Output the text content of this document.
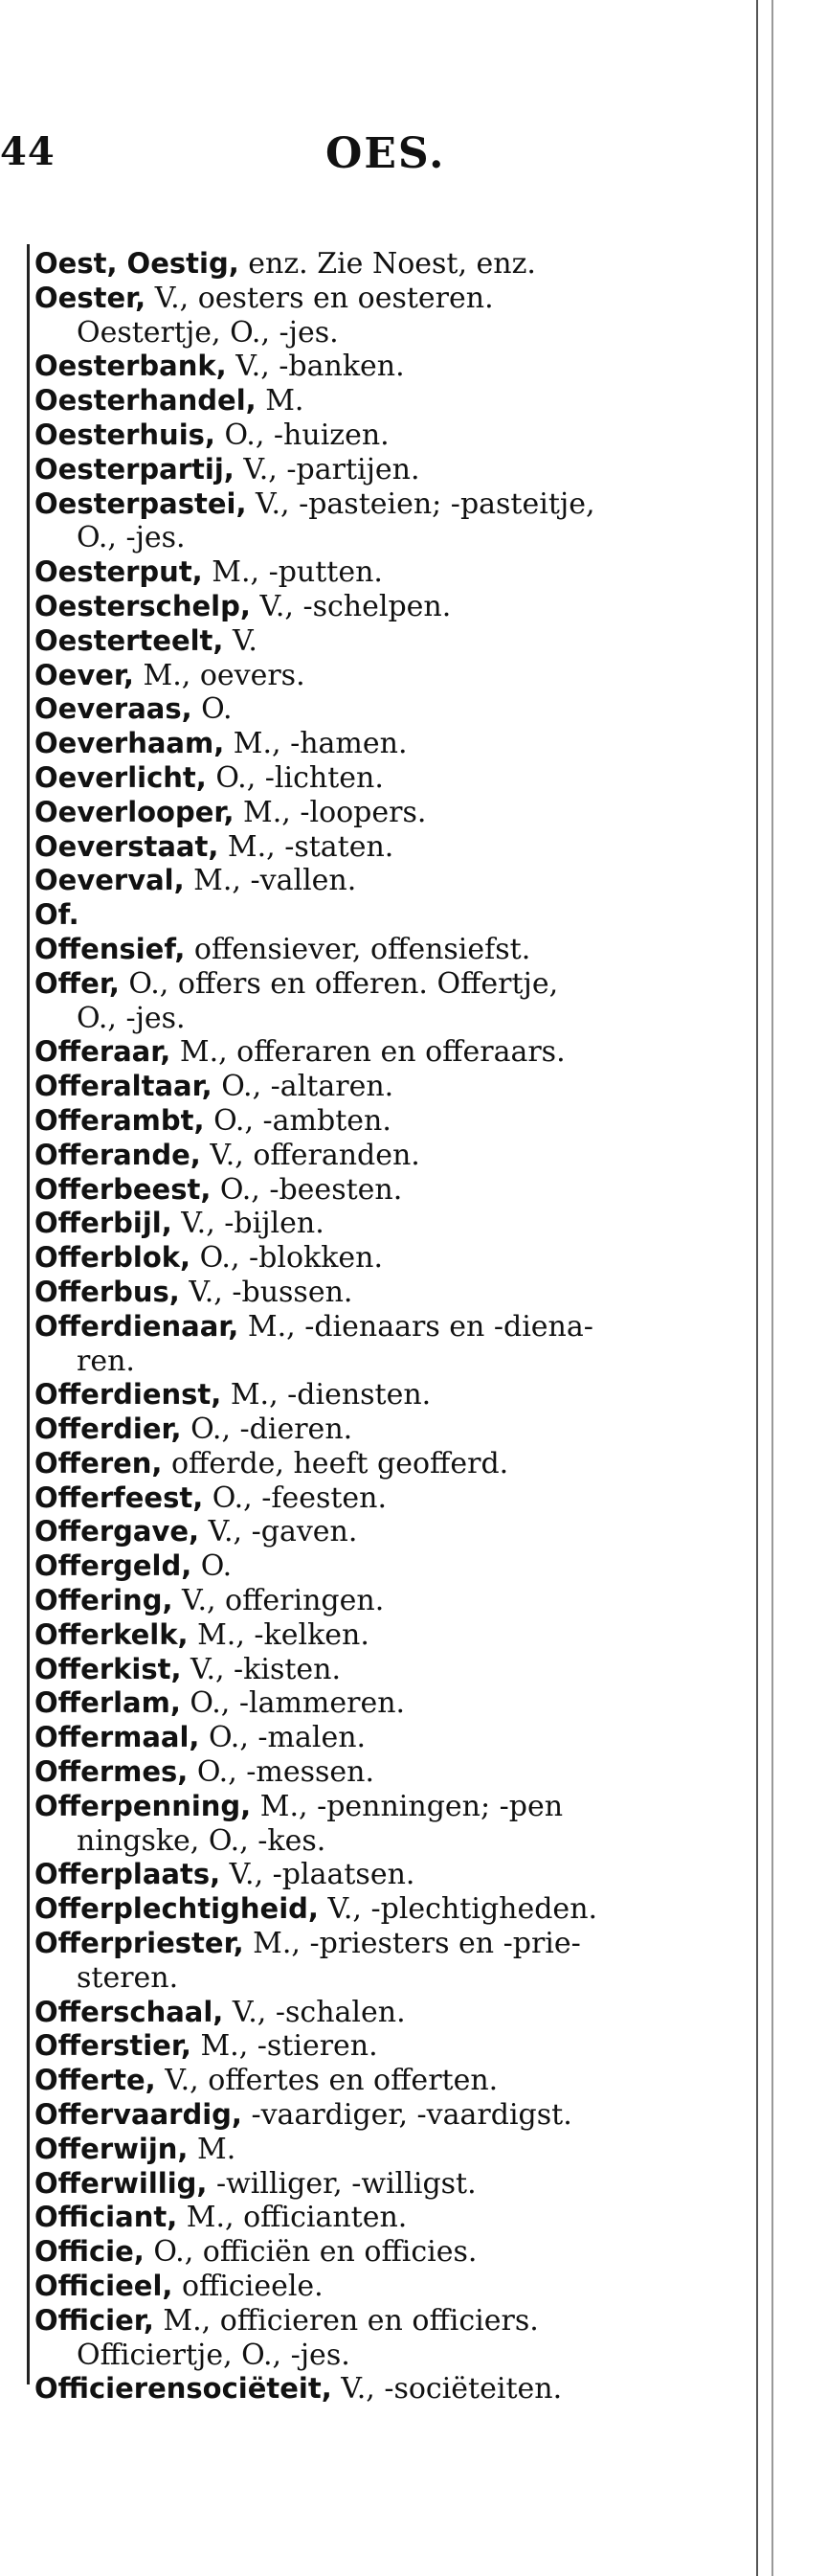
44	OES.

Oest, Oestig, enz. Zie Noest, enz.

Oester, V., oesters en oesteren.
Oestertje, O., -jes.

Oesterbank, V., -banken.

Oesterhandel, M.

Oesterhuis, O., -huizen.

Oesterpartij, V., -partijen.

Oesterpastei, V., -pasteien; -pasteitje,
O., -jes.

Oesterput, M., -putten.

Oesterschelp, V., -schelpen.

Oesterteelt, V.

Oever, M., oevers.

Oeveraas, O.

Oeverhaam, M., -hamen.

Oeverlicht, O., -lichten.

Oeverlooper, M., -loopers.

Oeverstaat, M., -staten.

Oeverval, M., -vallen.

Of.

Offensief, offensiever, offensiefst.

Offer, O., offers en offeren. Offertje,
O., -jes.

Offeraar, M., offeraren en offeraars.

Offeraltaar, O., -altaren.

Offerambt, O., -ambten.

Offerande, V., offeranden.

Offerbeest, O., -beesten.

Offerbijl, V., -bijlen.

Offerblok, O., -blokken.

Offerbus, V., -bussen.

Offerdienaar, M., -dienaars en -diena-
ren.

Offerdienst, M., -diensten.

Offerdier, O., -dieren.

Offeren, offerde, heeft geofferd.

Offerfeest, O., -feesten.

Offergave, V., -gaven.

Offergeld, O.

Offering, V., offeringen.

Offerkelk, M., -kelken.

Offerkist, V., -kisten.

Offerlam, O., -lammeren.

Offermaal, O., -malen.

Offermes, O., -messen.

Offerpenning, M., -penningen; -pen
ningske, O., -kes.

Offerplaats, V., -plaatsen.

Offerplechtigheid, V., -plechtigheden.

Offerpriester, M., -priesters en -prie-
steren.

Offerschaal, V., -schalen.

Offerstier, M., -stieren.

Offerte, V., offertes en offerten.

Offervaardig, -vaardiger, -vaardigst.

Offerwijn, M.

Offerwillig, -williger, -willigst.

Officiant, M., officianten.

Officie, O., officiën en officies.

Officieel, officieele.

Officier, M., officieren en officiers.
Officiertje, O., -jes.

Officierensociëteit, V., -sociëteiten.
